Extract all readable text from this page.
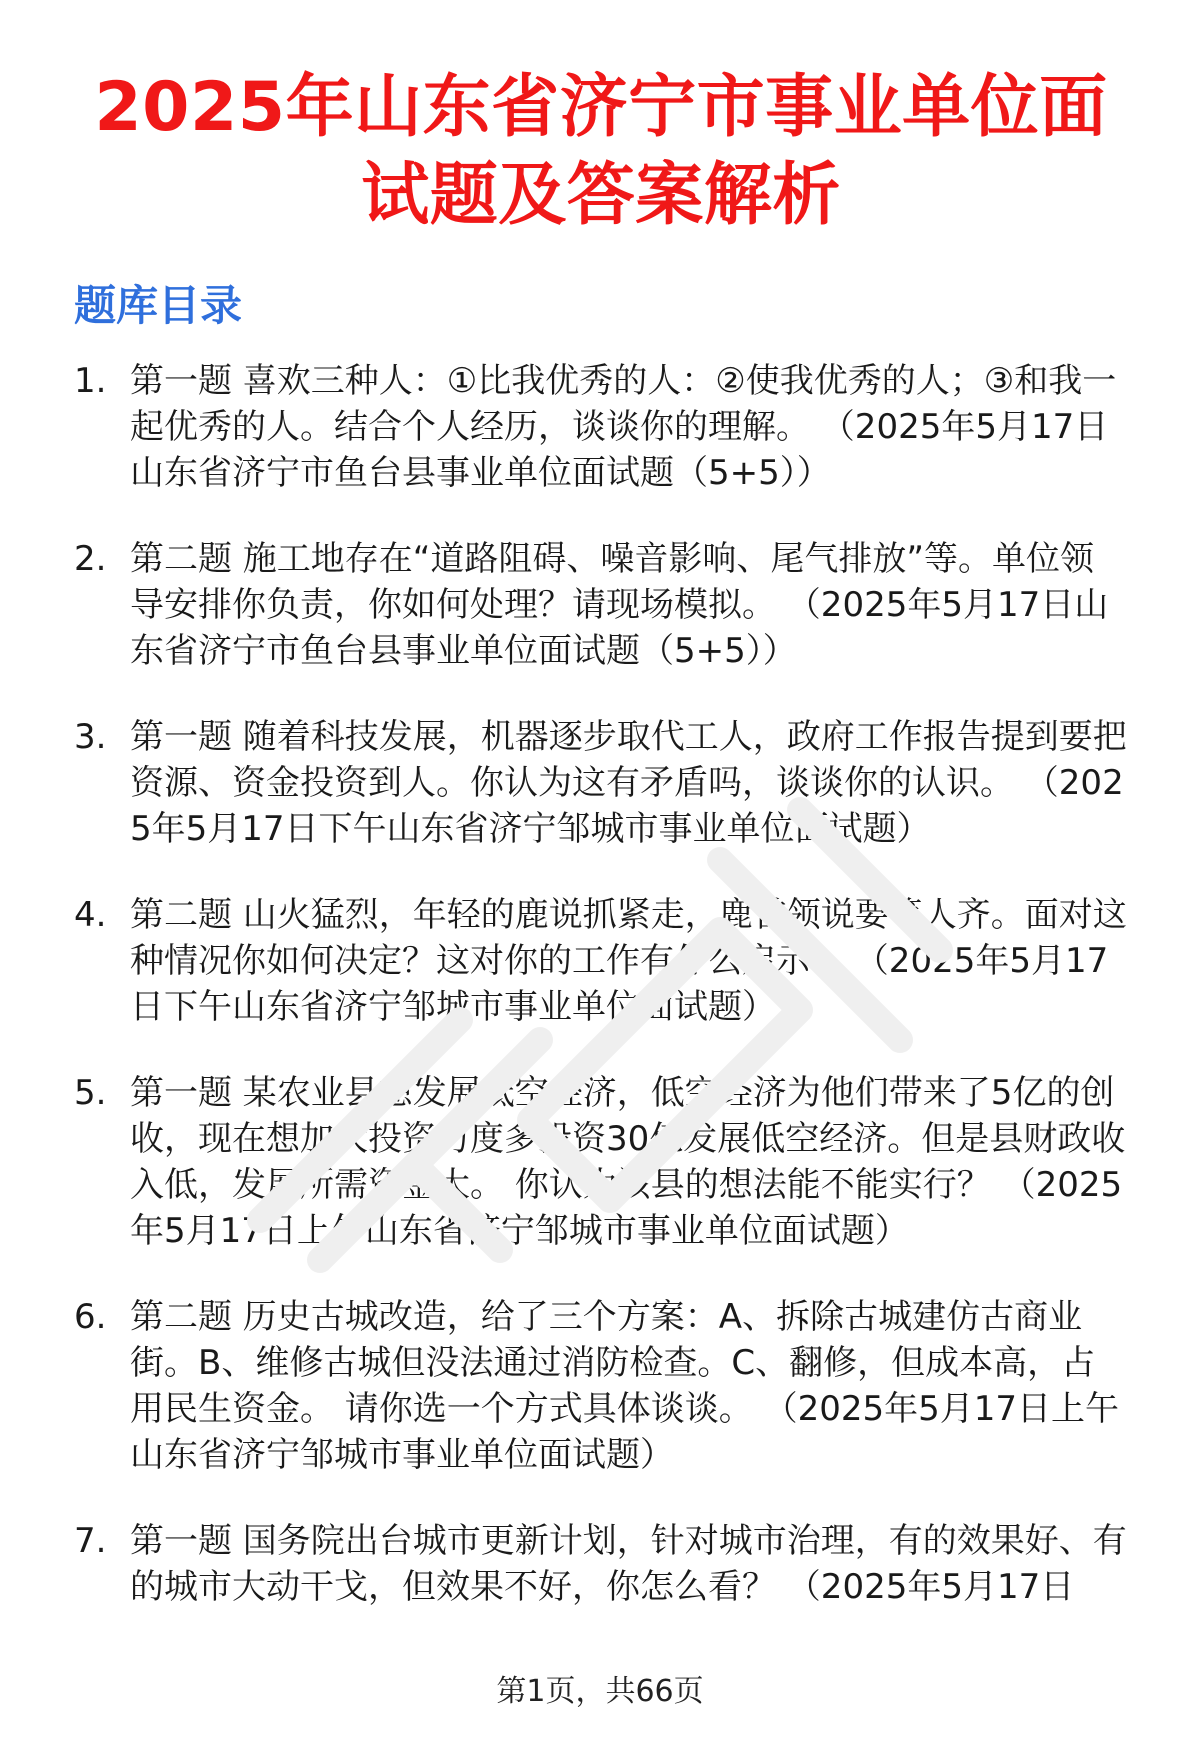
2025年山东省济宁市事业单位面试题及答案解析
题库目录
1. 第一题 喜欢三种人：①比我优秀的人：②使我优秀的人；③和我一起优秀的人。结合个人经历，谈谈你的理解。 （2025年5月17日山东省济宁市鱼台县事业单位面试题（5+5））
2. 第二题 施工地存在“道路阻碍、噪音影响、尾气排放”等。单位领导安排你负责，你如何处理？请现场模拟。 （2025年5月17日山东省济宁市鱼台县事业单位面试题（5+5））
3. 第一题 随着科技发展，机器逐步取代工人，政府工作报告提到要把资源、资金投资到人。你认为这有矛盾吗，谈谈你的认识。 （2025年5月17日下午山东省济宁邹城市事业单位面试题）
4. 第二题 山火猛烈，年轻的鹿说抓紧走，鹿首领说要等人齐。面对这种情况你如何决定？这对你的工作有什么启示？ （2025年5月17日下午山东省济宁邹城市事业单位面试题）
5. 第一题 某农业县想发展低空经济，低空经济为他们带来了5亿的创收，现在想加大投资力度多投资30亿发展低空经济。但是县财政收入低，发展所需资金大。 你认为该县的想法能不能实行？ （2025年5月17日上午山东省济宁邹城市事业单位面试题）
6. 第二题 历史古城改造，给了三个方案：A、拆除古城建仿古商业街。B、维修古城但没法通过消防检查。C、翻修，但成本高，占用民生资金。 请你选一个方式具体谈谈。 （2025年5月17日上午山东省济宁邹城市事业单位面试题）
7. 第一题 国务院出台城市更新计划，针对城市治理，有的效果好、有的城市大动干戈，但效果不好，你怎么看？ （2025年5月17日
第1页，共66页
